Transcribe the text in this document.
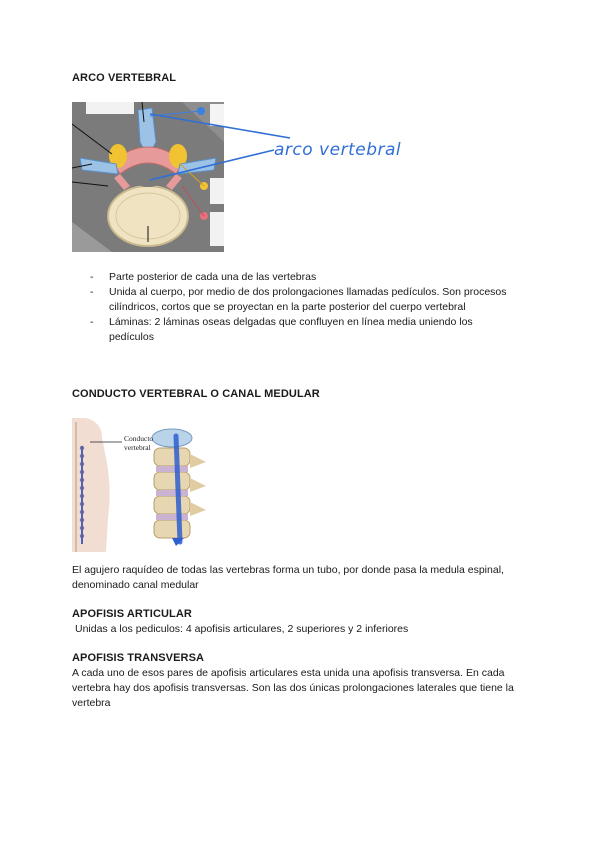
ARCO VERTEBRAL
arco vertebral
- Parte posterior de cada una de las vertebras
- Unida al cuerpo, por medio de dos prolongaciones llamadas pedículos. Son procesos cilíndricos, cortos que se proyectan en la parte posterior del cuerpo vertebral
- Láminas: 2 láminas oseas delgadas que confluyen en línea media uniendo los pedículos
CONDUCTO VERTEBRAL O CANAL MEDULAR
Conducto vertebral
El agujero raquídeo de todas las vertebras forma un tubo, por donde pasa la medula espinal, denominado canal medular
APOFISIS ARTICULAR
Unidas a los pediculos: 4 apofisis articulares, 2 superiores y 2 inferiores
APOFISIS TRANSVERSA
A cada uno de esos pares de apofisis articulares esta unida una apofisis transversa. En cada vertebra hay dos apofisis transversas. Son las dos únicas prolongaciones laterales que tiene la vertebra
